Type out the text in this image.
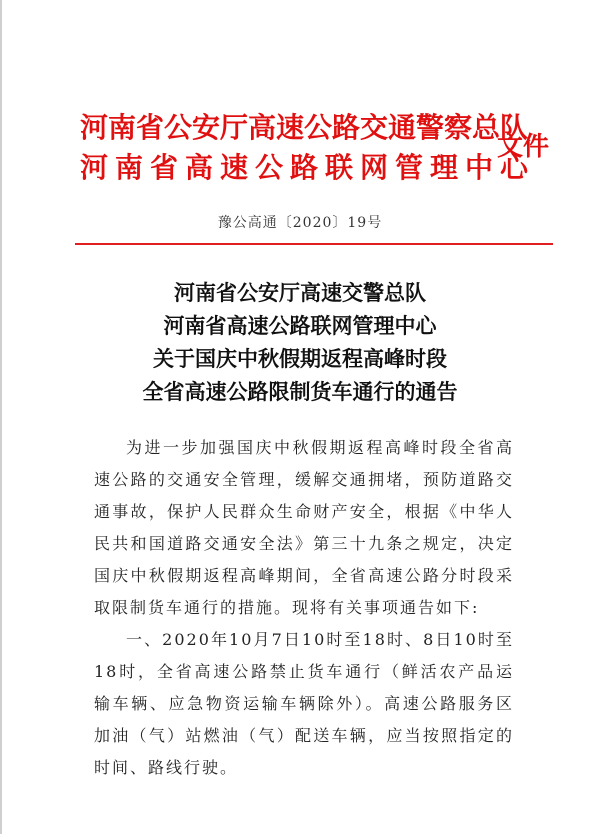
河南省公安厅高速公路交通警察总队
河南省高速公路联网管理中心
文件
豫公高通〔2020〕19号
河南省公安厅高速交警总队
河南省高速公路联网管理中心
关于国庆中秋假期返程高峰时段
全省高速公路限制货车通行的通告

为进一步加强国庆中秋假期返程高峰时段全省高速公路的交通安全管理，缓解交通拥堵，预防道路交通事故，保护人民群众生命财产安全，根据《中华人民共和国道路交通安全法》第三十九条之规定，决定国庆中秋假期返程高峰期间，全省高速公路分时段采取限制货车通行的措施。现将有关事项通告如下:

一、2020年10月7日10时至18时、8日10时至18时，全省高速公路禁止货车通行（鲜活农产品运输车辆、应急物资运输车辆除外）。高速公路服务区加油（气）站燃油（气）配送车辆，应当按照指定的时间、路线行驶。
